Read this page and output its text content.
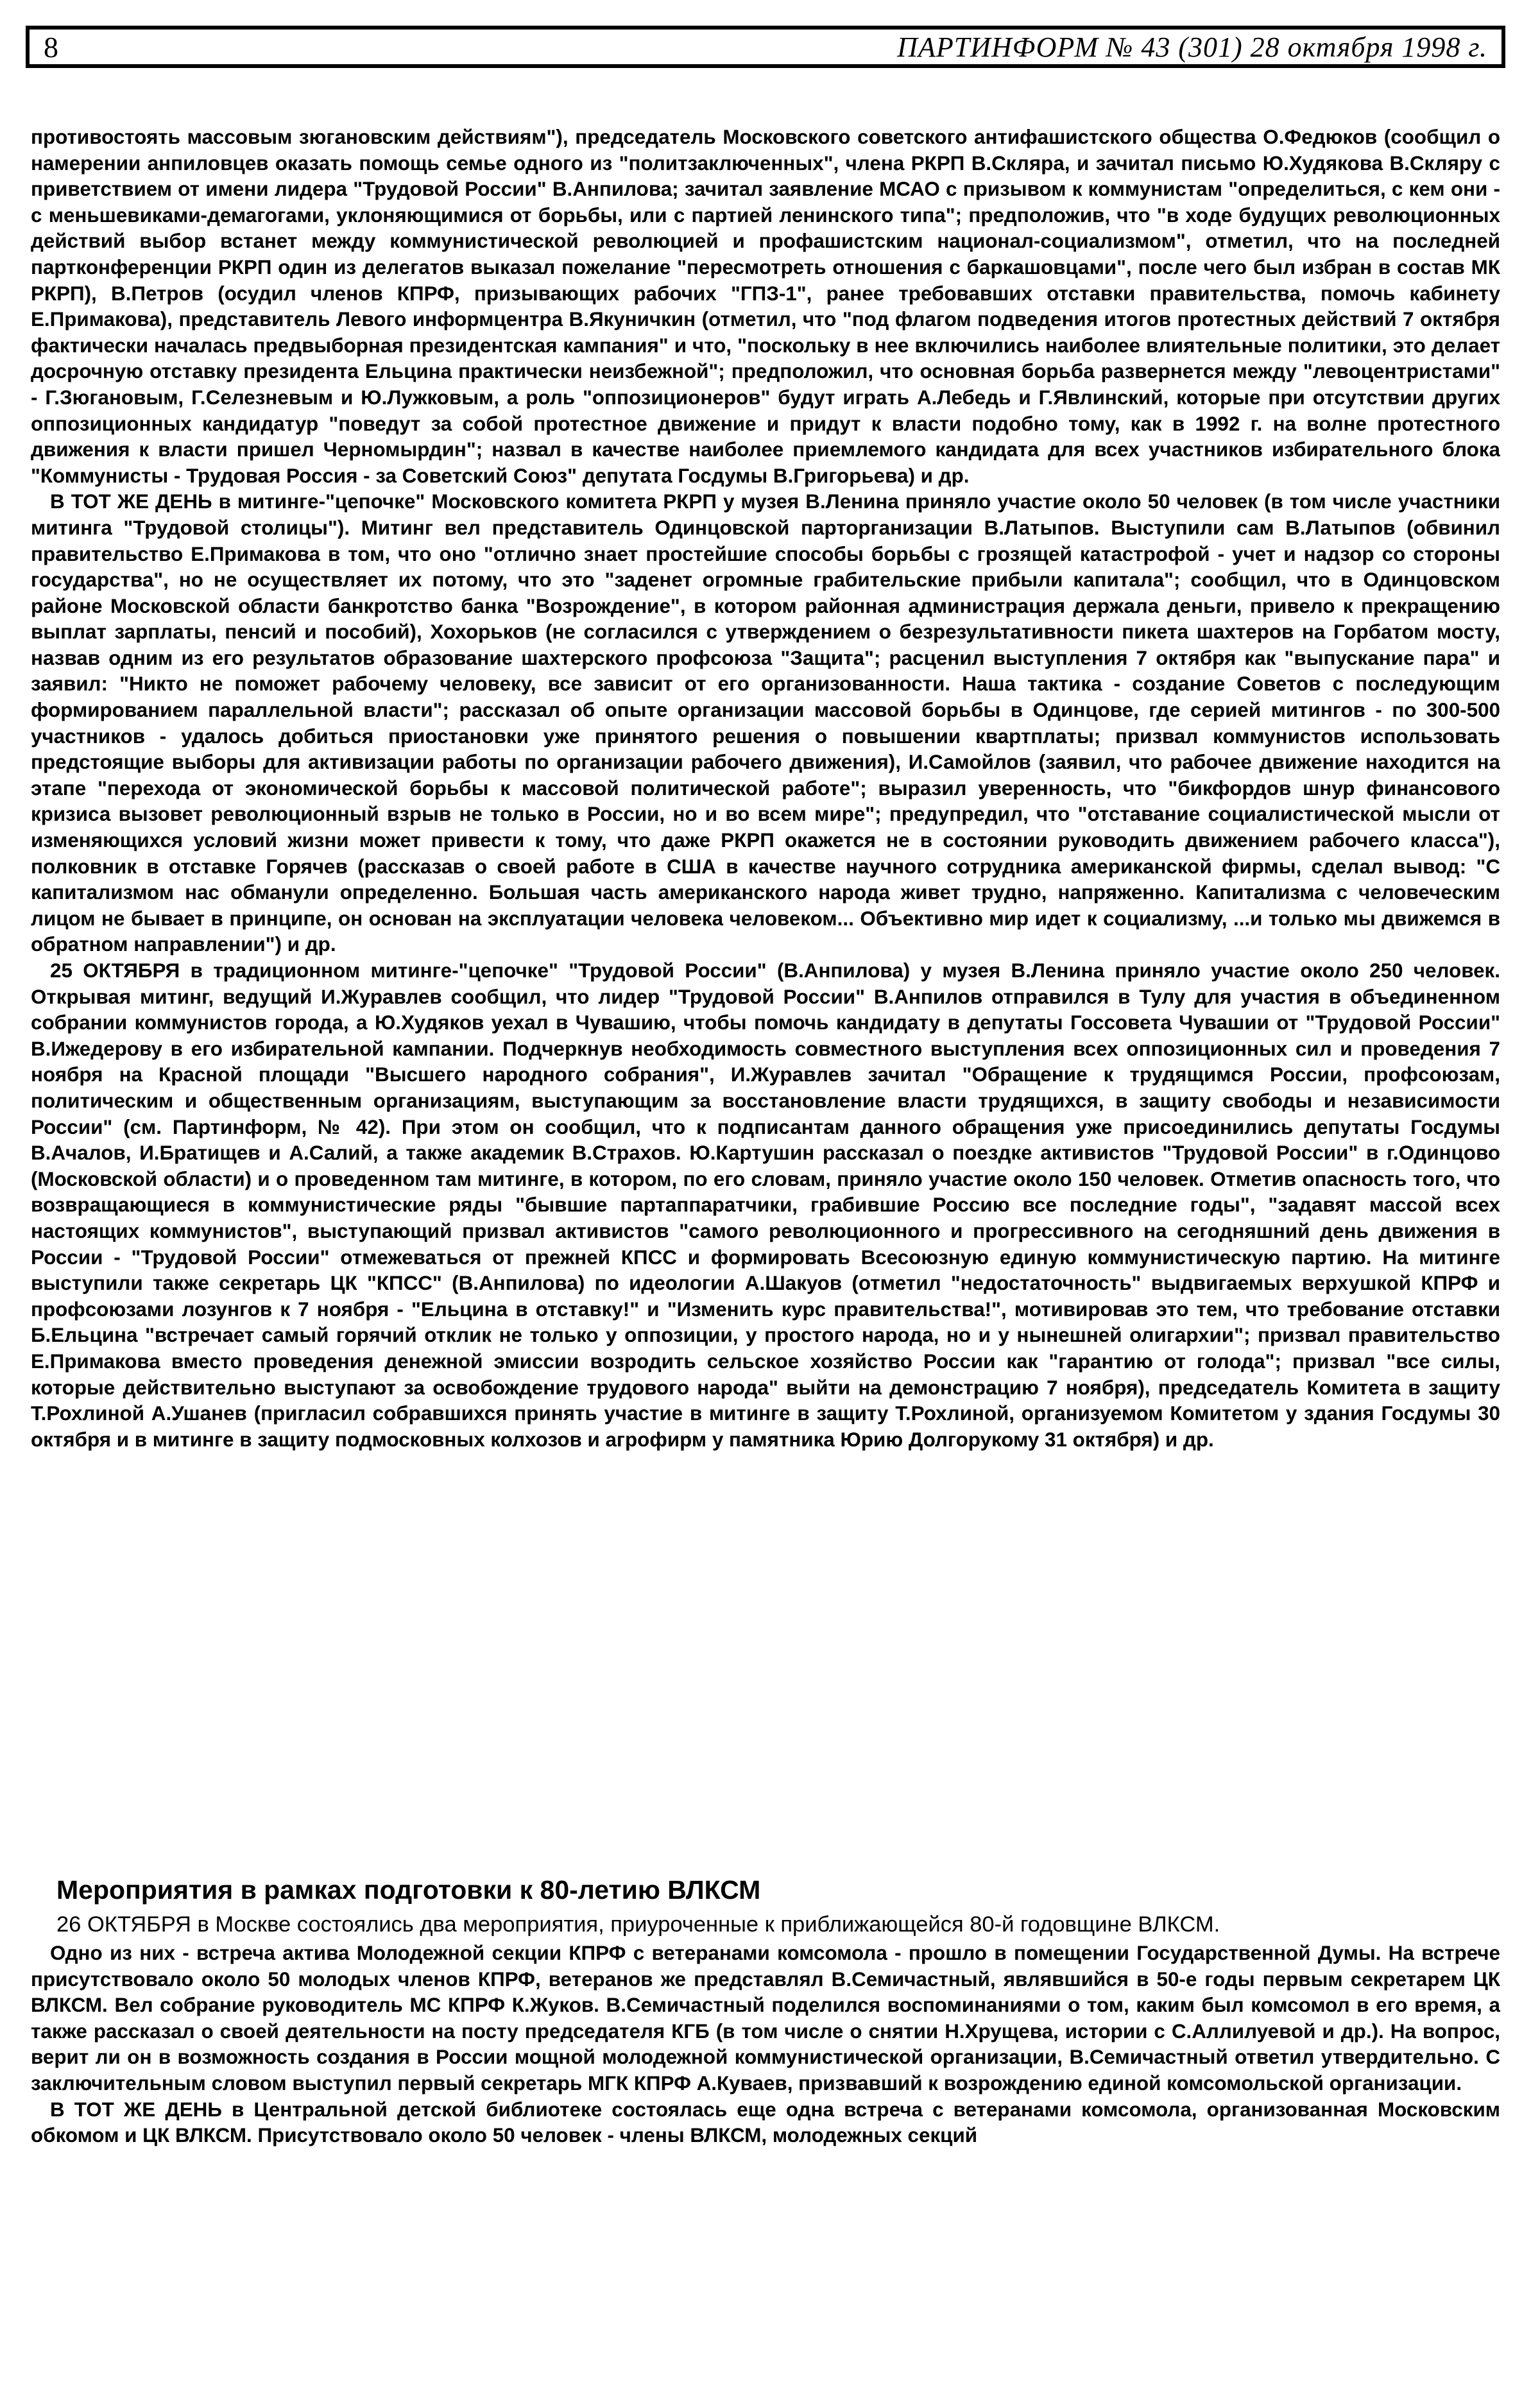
8	ПАРТИНФОРМ № 43 (301) 28 октября 1998 г.

противостоять массовым зюгановским действиям"), председатель Московского советского антифашистского общества О.Федюков (сообщил о намерении анпиловцев оказать помощь семье одного из "политзаключенных", члена РКРП В.Скляра, и зачитал письмо Ю.Худякова В.Скляру с приветствием от имени лидера "Трудовой России" В.Анпилова; зачитал заявление МСАО с призывом к коммунистам "определиться, с кем они - с меньшевиками-демагогами, уклоняющимися от борьбы, или с партией ленинского типа"; предположив, что "в ходе будущих революционных действий выбор встанет между коммунистической революцией и профашистским национал-социализмом", отметил, что на последней партконференции РКРП один из делегатов выказал пожелание "пересмотреть отношения с баркашовцами", после чего был избран в состав МК РКРП), В.Петров (осудил членов КПРФ, призывающих рабочих "ГПЗ-1", ранее требовавших отставки правительства, помочь кабинету Е.Примакова), представитель Левого информцентра В.Якуничкин (отметил, что "под флагом подведения итогов протестных действий 7 октября фактически началась предвыборная президентская кампания" и что, "поскольку в нее включились наиболее влиятельные политики, это делает досрочную отставку президента Ельцина практически неизбежной"; предположил, что основная борьба развернется между "левоцентристами" - Г.Зюгановым, Г.Селезневым и Ю.Лужковым, а роль "оппозиционеров" будут играть А.Лебедь и Г.Явлинский, которые при отсутствии других оппозиционных кандидатур "поведут за собой протестное движение и придут к власти подобно тому, как в 1992 г. на волне протестного движения к власти пришел Черномырдин"; назвал в качестве наиболее приемлемого кандидата для всех участников избирательного блока "Коммунисты - Трудовая Россия - за Советский Союз" депутата Госдумы В.Григорьева) и др.

В ТОТ ЖЕ ДЕНЬ в митинге-"цепочке" Московского комитета РКРП у музея В.Ленина приняло участие около 50 человек (в том числе участники митинга "Трудовой столицы"). Митинг вел представитель Одинцовской парторганизации В.Латыпов. Выступили сам В.Латыпов (обвинил правительство Е.Примакова в том, что оно "отлично знает простейшие способы борьбы с грозящей катастрофой - учет и надзор со стороны государства", но не осуществляет их потому, что это "заденет огромные грабительские прибыли капитала"; сообщил, что в Одинцовском районе Московской области банкротство банка "Возрождение", в котором районная администрация держала деньги, привело к прекращению выплат зарплаты, пенсий и пособий), Хохорьков (не согласился с утверждением о безрезультативности пикета шахтеров на Горбатом мосту, назвав одним из его результатов образование шахтерского профсоюза "Защита"; расценил выступления 7 октября как "выпускание пара" и заявил: "Никто не поможет рабочему человеку, все зависит от его организованности. Наша тактика - создание Советов с последующим формированием параллельной власти"; рассказал об опыте организации массовой борьбы в Одинцове, где серией митингов - по 300-500 участников - удалось добиться приостановки уже принятого решения о повышении квартплаты; призвал коммунистов использовать предстоящие выборы для активизации работы по организации рабочего движения), И.Самойлов (заявил, что рабочее движение находится на этапе "перехода от экономической борьбы к массовой политической работе"; выразил уверенность, что "бикфордов шнур финансового кризиса вызовет революционный взрыв не только в России, но и во всем мире"; предупредил, что "отставание социалистической мысли от изменяющихся условий жизни может привести к тому, что даже РКРП окажется не в состоянии руководить движением рабочего класса"), полковник в отставке Горячев (рассказав о своей работе в США в качестве научного сотрудника американской фирмы, сделал вывод: "С капитализмом нас обманули определенно. Большая часть американского народа живет трудно, напряженно. Капитализма с человеческим лицом не бывает в принципе, он основан на эксплуатации человека человеком... Объективно мир идет к социализму, ...и только мы движемся в обратном направлении") и др.

25 ОКТЯБРЯ в традиционном митинге-"цепочке" "Трудовой России" (В.Анпилова) у музея В.Ленина приняло участие около 250 человек. Открывая митинг, ведущий И.Журавлев сообщил, что лидер "Трудовой России" В.Анпилов отправился в Тулу для участия в объединенном собрании коммунистов города, а Ю.Худяков уехал в Чувашию, чтобы помочь кандидату в депутаты Госсовета Чувашии от "Трудовой России" В.Ижедерову в его избирательной кампании. Подчеркнув необходимость совместного выступления всех оппозиционных сил и проведения 7 ноября на Красной площади "Высшего народного собрания", И.Журавлев зачитал "Обращение к трудящимся России, профсоюзам, политическим и общественным организациям, выступающим за восстановление власти трудящихся, в защиту свободы и независимости России" (см. Партинформ, № 42). При этом он сообщил, что к подписантам данного обращения уже присоединились депутаты Госдумы В.Ачалов, И.Братищев и А.Салий, а также академик В.Страхов. Ю.Картушин рассказал о поездке активистов "Трудовой России" в г.Одинцово (Московской области) и о проведенном там митинге, в котором, по его словам, приняло участие около 150 человек. Отметив опасность того, что возвращающиеся в коммунистические ряды "бывшие партаппаратчики, грабившие Россию все последние годы", "задавят массой всех настоящих коммунистов", выступающий призвал активистов "самого революционного и прогрессивного на сегодняшний день движения в России - "Трудовой России" отмежеваться от прежней КПСС и формировать Всесоюзную единую коммунистическую партию. На митинге выступили также секретарь ЦК "КПСС" (В.Анпилова) по идеологии А.Шакуов (отметил "недостаточность" выдвигаемых верхушкой КПРФ и профсоюзами лозунгов к 7 ноября - "Ельцина в отставку!" и "Изменить курс правительства!", мотивировав это тем, что требование отставки Б.Ельцина "встречает самый горячий отклик не только у оппозиции, у простого народа, но и у нынешней олигархии"; призвал правительство Е.Примакова вместо проведения денежной эмиссии возродить сельское хозяйство России как "гарантию от голода"; призвал "все силы, которые действительно выступают за освобождение трудового народа" выйти на демонстрацию 7 ноября), председатель Комитета в защиту Т.Рохлиной А.Ушанев (пригласил собравшихся принять участие в митинге в защиту Т.Рохлиной, организуемом Комитетом у здания Госдумы 30 октября и в митинге в защиту подмосковных колхозов и агрофирм у памятника Юрию Долгорукому 31 октября) и др.

Мероприятия в рамках подготовки к 80-летию ВЛКСМ
26 ОКТЯБРЯ в Москве состоялись два мероприятия, приуроченные к приближающейся 80-й годовщине ВЛКСМ.

Одно из них - встреча актива Молодежной секции КПРФ с ветеранами комсомола - прошло в помещении Государственной Думы. На встрече присутствовало около 50 молодых членов КПРФ, ветеранов же представлял В.Семичастный, являвшийся в 50-е годы первым секретарем ЦК ВЛКСМ. Вел собрание руководитель МС КПРФ К.Жуков. В.Семичастный поделился воспоминаниями о том, каким был комсомол в его время, а также рассказал о своей деятельности на посту председателя КГБ (в том числе о снятии Н.Хрущева, истории с С.Аллилуевой и др.). На вопрос, верит ли он в возможность создания в России мощной молодежной коммунистической организации, В.Семичастный ответил утвердительно. С заключительным словом выступил первый секретарь МГК КПРФ А.Куваев, призвавший к возрождению единой комсомольской организации.

В ТОТ ЖЕ ДЕНЬ в Центральной детской библиотеке состоялась еще одна встреча с ветеранами комсомола, организованная Московским обкомом и ЦК ВЛКСМ. Присутствовало около 50 человек - члены ВЛКСМ, молодежных секций
